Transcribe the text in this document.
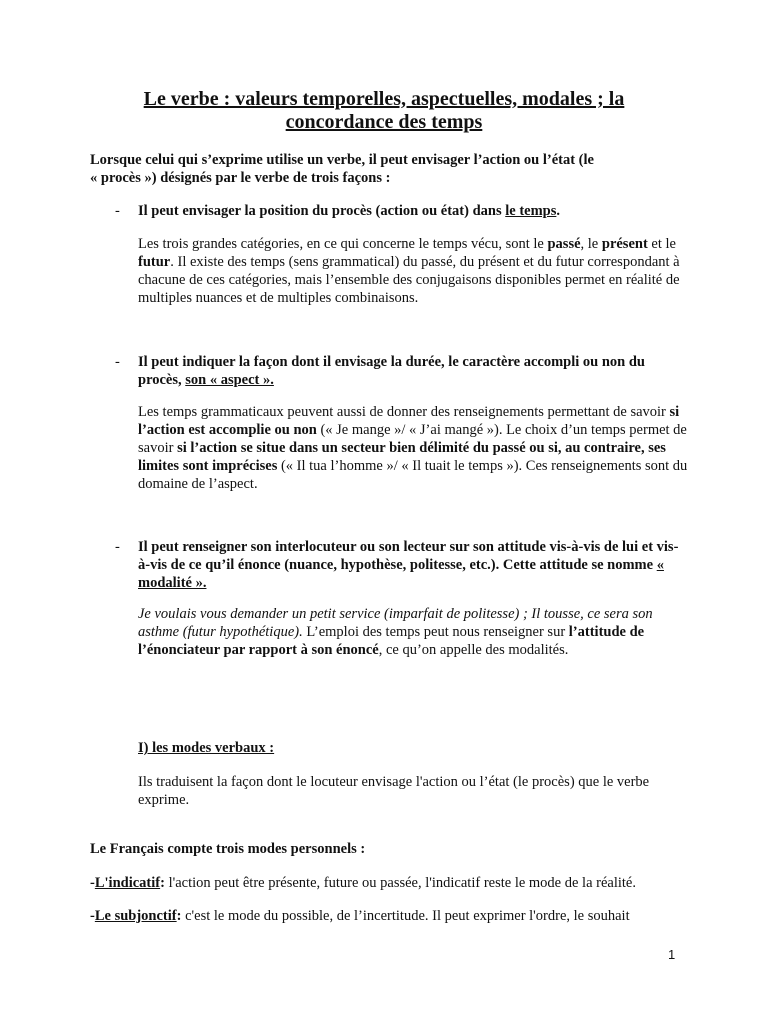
Le verbe : valeurs temporelles, aspectuelles, modales ; la
concordance des temps
Lorsque celui qui s’exprime utilise un verbe, il peut envisager l’action ou l’état (le
« procès ») désignés par le verbe de trois façons :
- Il peut envisager la position du procès (action ou état) dans le temps.
Les trois grandes catégories, en ce qui concerne le temps vécu, sont le passé, le présent et le futur. Il existe des temps (sens grammatical) du passé, du présent et du futur correspondant à chacune de ces catégories, mais l’ensemble des conjugaisons disponibles permet en réalité de multiples nuances et de multiples combinaisons.
- Il peut indiquer la façon dont il envisage la durée, le caractère accompli ou non du procès, son « aspect ».
Les temps grammaticaux peuvent aussi de donner des renseignements permettant de savoir si l’action est accomplie ou non (« Je mange »/ « J’ai mangé »). Le choix d’un temps permet de savoir si l’action se situe dans un secteur bien délimité du passé ou si, au contraire, ses limites sont imprécises (« Il tua l’homme »/ « Il tuait le temps »). Ces renseignements sont du domaine de l’aspect.
- Il peut renseigner son interlocuteur ou son lecteur sur son attitude vis-à-vis de lui et vis-à-vis de ce qu’il énonce (nuance, hypothèse, politesse, etc.). Cette attitude se nomme « modalité ».
Je voulais vous demander un petit service (imparfait de politesse) ; Il tousse, ce sera son asthme (futur hypothétique). L’emploi des temps peut nous renseigner sur l’attitude de l’énonciateur par rapport à son énoncé, ce qu’on appelle des modalités.
I) les modes verbaux :
Ils traduisent la façon dont le locuteur envisage l'action ou l’état (le procès) que le verbe exprime.
Le Français compte trois modes personnels :
-L'indicatif: l'action peut être présente, future ou passée, l'indicatif reste le mode de la réalité.
-Le subjonctif: c'est le mode du possible, de l’incertitude. Il peut exprimer l'ordre, le souhait
1
